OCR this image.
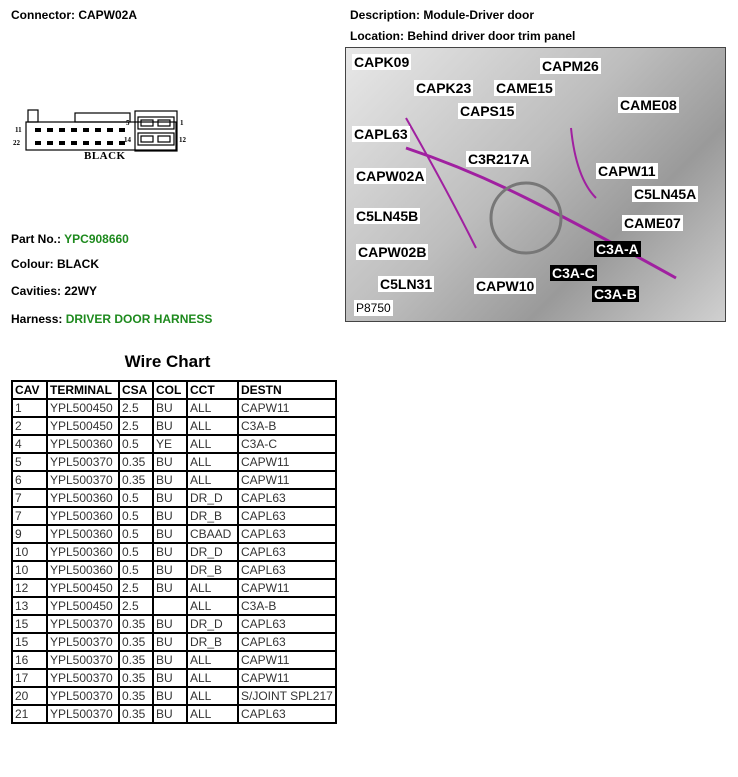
Connector: CAPW02A	Description: Module-Driver door
Location: Behind driver door trim panel
11
22
5
14
1
12
BLACK
Part No.: YPC908660
Colour: BLACK
Cavities: 22WY
Harness: DRIVER DOOR HARNESS
CAPK09
CAPK23 CAME15
CAPM26
CAME08
CAPS15
CAPL63
C3R217A
CAPW11
CAPW02A
C5LN45A
C5LN45B	CAME07
CAPW02B	C3A-A
C5LN31	CAPW10
C3A-C
C3A-B
P8750
Wire Chart
CAV	TERMINAL	CSA	COL	CCT	DESTN
1	YPL500450	2.5	BU	ALL	CAPW11
2	YPL500450	2.5	BU	ALL	C3A-B
4	YPL500360	0.5	YE	ALL	C3A-C
5	YPL500370	0.35	BU	ALL	CAPW11
6	YPL500370	0.35	BU	ALL	CAPW11
7	YPL500360	0.5	BU	DR_D	CAPL63
7	YPL500360	0.5	BU	DR_B	CAPL63
9	YPL500360	0.5	BU	CBAAD	CAPL63
10	YPL500360	0.5	BU	DR_D	CAPL63
10	YPL500360	0.5	BU	DR_B	CAPL63
12	YPL500450	2.5	BU	ALL	CAPW11
13	YPL500450	2.5		ALL	C3A-B
15	YPL500370	0.35	BU	DR_D	CAPL63
15	YPL500370	0.35	BU	DR_B	CAPL63
16	YPL500370	0.35	BU	ALL	CAPW11
17	YPL500370	0.35	BU	ALL	CAPW11
20	YPL500370	0.35	BU	ALL	S/JOINT SPL217
21	YPL500370	0.35	BU	ALL	CAPL63
